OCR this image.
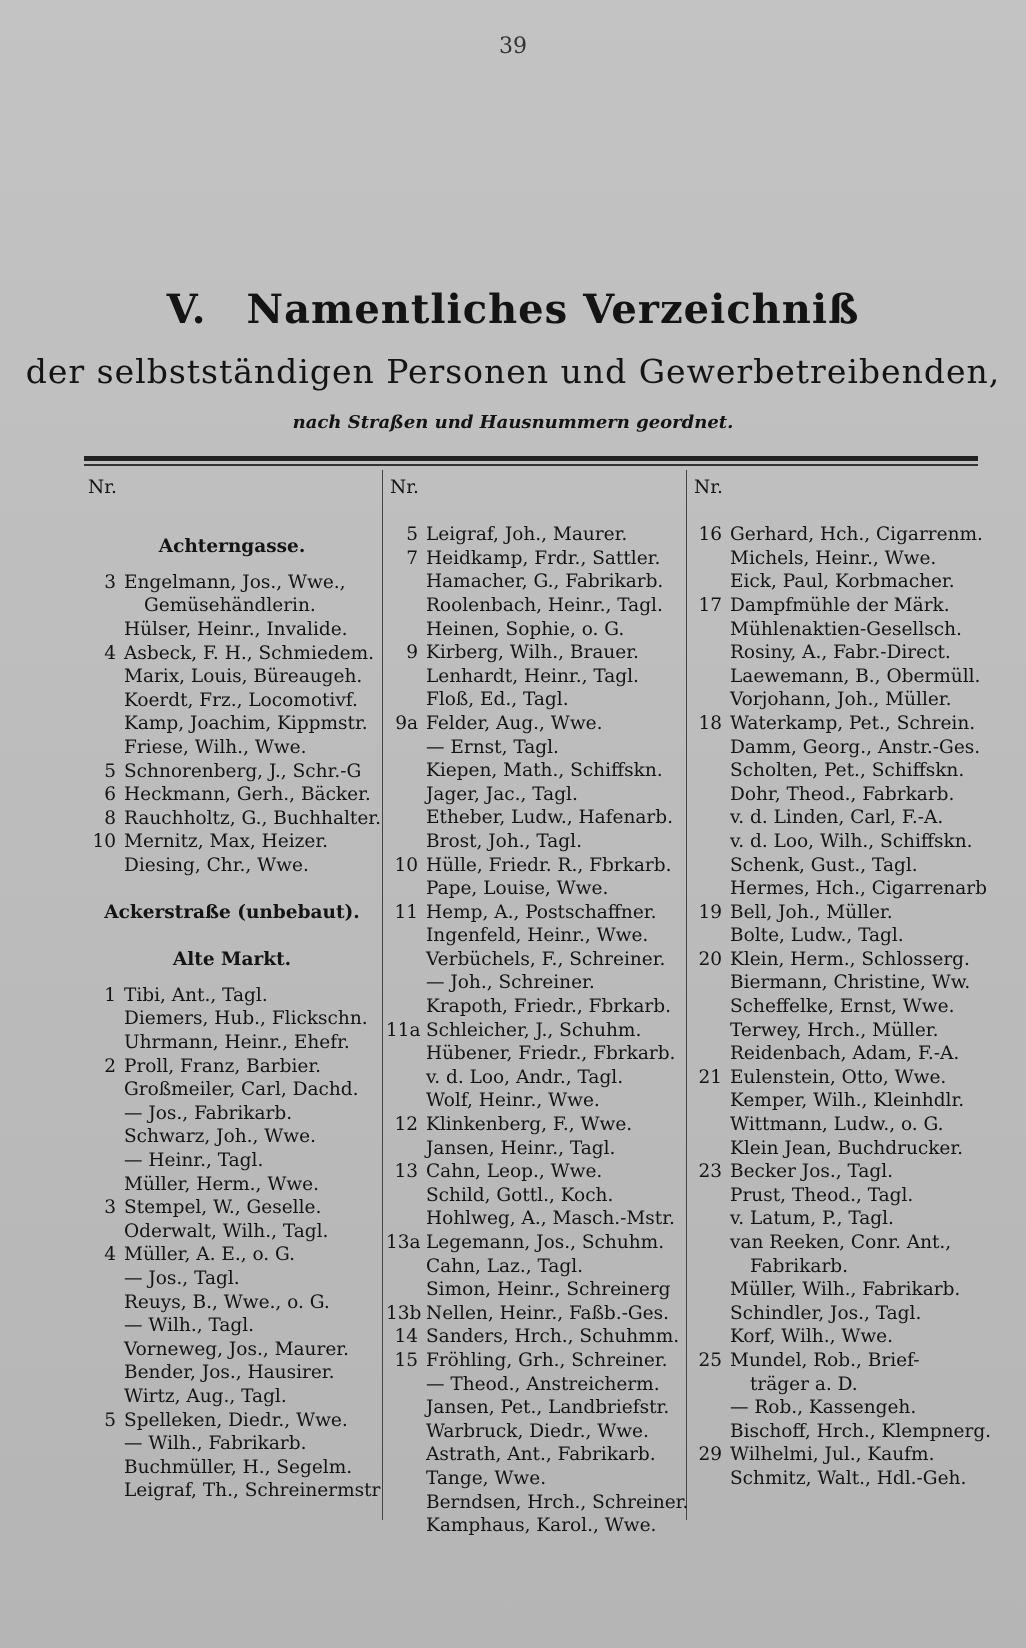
39
V. Namentliches Verzeichniß
der selbstständigen Personen und Gewerbetreibenden,
nach Straßen und Hausnummern geordnet.
Nr.
Achterngasse.
3 Engelmann, Jos., Wwe.,
Gemüsehändlerin.
Hülser, Heinr., Invalide.
4 Asbeck, F. H., Schmiedem.
Marix, Louis, Büreaugeh.
Koerdt, Frz., Locomotivf.
Kamp, Joachim, Kippmstr.
Friese, Wilh., Wwe.
5 Schnorenberg, J., Schr.-G
6 Heckmann, Gerh., Bäcker.
8 Rauchholtz, G., Buchhalter.
10 Mernitz, Max, Heizer.
Diesing, Chr., Wwe.
Ackerstraße (unbebaut).
Alte Markt.
1 Tibi, Ant., Tagl.
Diemers, Hub., Flickschn.
Uhrmann, Heinr., Ehefr.
2 Proll, Franz, Barbier.
Großmeiler, Carl, Dachd.
— Jos., Fabrikarb.
Schwarz, Joh., Wwe.
— Heinr., Tagl.
Müller, Herm., Wwe.
3 Stempel, W., Geselle.
Oderwalt, Wilh., Tagl.
4 Müller, A. E., o. G.
— Jos., Tagl.
Reuys, B., Wwe., o. G.
— Wilh., Tagl.
Vorneweg, Jos., Maurer.
Bender, Jos., Hausirer.
Wirtz, Aug., Tagl.
5 Spelleken, Diedr., Wwe.
— Wilh., Fabrikarb.
Buchmüller, H., Segelm.
Leigraf, Th., Schreinermstr
Nr.
5 Leigraf, Joh., Maurer.
7 Heidkamp, Frdr., Sattler.
Hamacher, G., Fabrikarb.
Roolenbach, Heinr., Tagl.
Heinen, Sophie, o. G.
9 Kirberg, Wilh., Brauer.
Lenhardt, Heinr., Tagl.
Floß, Ed., Tagl.
9a Felder, Aug., Wwe.
— Ernst, Tagl.
Kiepen, Math., Schiffskn.
Jager, Jac., Tagl.
Etheber, Ludw., Hafenarb.
Brost, Joh., Tagl.
10 Hülle, Friedr. R., Fbrkarb.
Pape, Louise, Wwe.
11 Hemp, A., Postschaffner.
Ingenfeld, Heinr., Wwe.
Verbüchels, F., Schreiner.
— Joh., Schreiner.
Krapoth, Friedr., Fbrkarb.
11a Schleicher, J., Schuhm.
Hübener, Friedr., Fbrkarb.
v. d. Loo, Andr., Tagl.
Wolf, Heinr., Wwe.
12 Klinkenberg, F., Wwe.
Jansen, Heinr., Tagl.
13 Cahn, Leop., Wwe.
Schild, Gottl., Koch.
Hohlweg, A., Masch.-Mstr.
13a Legemann, Jos., Schuhm.
Cahn, Laz., Tagl.
Simon, Heinr., Schreinerg
13b Nellen, Heinr., Faßb.-Ges.
14 Sanders, Hrch., Schuhmm.
15 Fröhling, Grh., Schreiner.
— Theod., Anstreicherm.
Jansen, Pet., Landbriefstr.
Warbruck, Diedr., Wwe.
Astrath, Ant., Fabrikarb.
Tange, Wwe.
Berndsen, Hrch., Schreiner.
Kamphaus, Karol., Wwe.
Nr.
16 Gerhard, Hch., Cigarrenm.
Michels, Heinr., Wwe.
Eick, Paul, Korbmacher.
17 Dampfmühle der Märk.
Mühlenaktien-Gesellsch.
Rosiny, A., Fabr.-Direct.
Laewemann, B., Obermüll.
Vorjohann, Joh., Müller.
18 Waterkamp, Pet., Schrein.
Damm, Georg., Anstr.-Ges.
Scholten, Pet., Schiffskn.
Dohr, Theod., Fabrkarb.
v. d. Linden, Carl, F.-A.
v. d. Loo, Wilh., Schiffskn.
Schenk, Gust., Tagl.
Hermes, Hch., Cigarrenarb
19 Bell, Joh., Müller.
Bolte, Ludw., Tagl.
20 Klein, Herm., Schlosserg.
Biermann, Christine, Ww.
Scheffelke, Ernst, Wwe.
Terwey, Hrch., Müller.
Reidenbach, Adam, F.-A.
21 Eulenstein, Otto, Wwe.
Kemper, Wilh., Kleinhdlr.
Wittmann, Ludw., o. G.
Klein Jean, Buchdrucker.
23 Becker Jos., Tagl.
Prust, Theod., Tagl.
v. Latum, P., Tagl.
van Reeken, Conr. Ant.,
Fabrikarb.
Müller, Wilh., Fabrikarb.
Schindler, Jos., Tagl.
Korf, Wilh., Wwe.
25 Mundel, Rob., Brief-
träger a. D.
— Rob., Kassengeh.
Bischoff, Hrch., Klempnerg.
29 Wilhelmi, Jul., Kaufm.
Schmitz, Walt., Hdl.-Geh.
